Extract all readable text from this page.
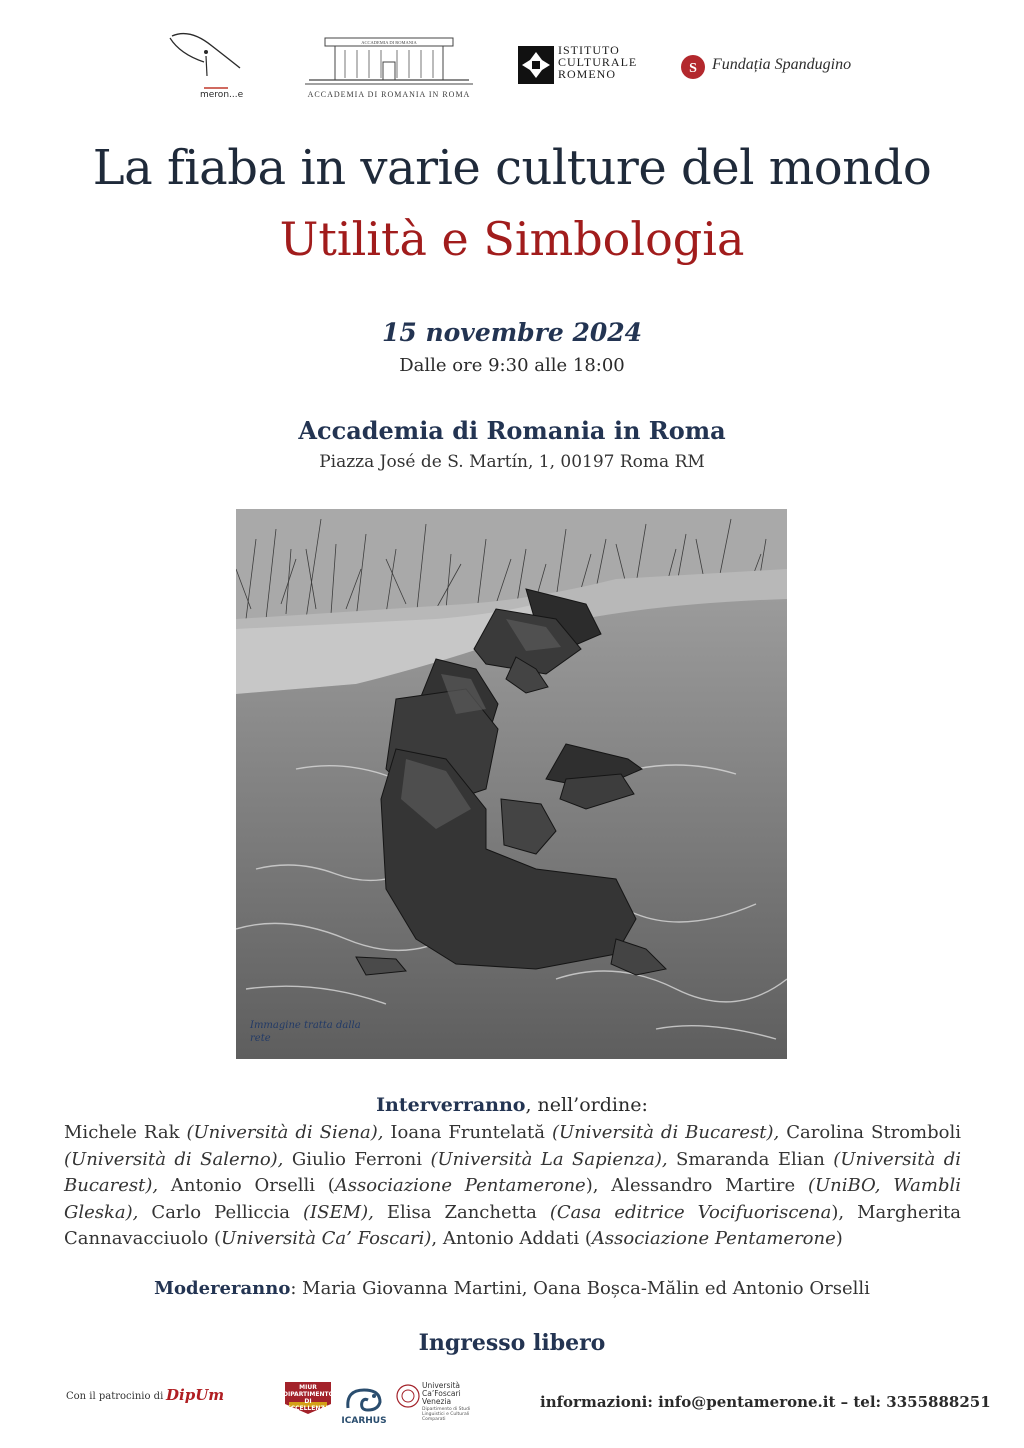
meron...e
ACCADEMIA DI ROMANIA
ACCADEMIA DI ROMANIA IN ROMA
ISTITUTO
CULTURALE
ROMENO	S Fundația Spandugino
La fiaba in varie culture del mondo
Utilità e Simbologia
15 novembre 2024
Dalle ore 9:30 alle 18:00
Accademia di Romania in Roma
Piazza José de S. Martín, 1, 00197 Roma RM
Immagine tratta dalla rete
Interverranno, nell’ordine:

Michele Rak (Università di Siena), Ioana Fruntelată (Università di Bucarest), Carolina Stromboli (Università di Salerno), Giulio Ferroni (Università La Sapienza), Smaranda Elian (Università di Bucarest), Antonio Orselli (Associazione Pentamerone), Alessandro Martire (UniBO, Wambli Gleska), Carlo Pelliccia (ISEM), Elisa Zanchetta (Casa editrice Vocifuoriscena), Margherita Cannavacciuolo (Università Ca’ Foscari), Antonio Addati (Associazione Pentamerone)

Modereranno: Maria Giovanna Martini, Oana Boșca-Mălin ed Antonio Orselli
Ingresso libero
Con il patrocinio di DipUm	MIUR DIPARTIMENTO DI ECCELLENZA
ICARHUS
Università Ca’Foscari Venezia
Dipartimento di Studi Linguistici e Culturali Comparati
informazioni: info@pentamerone.it – tel: 3355888251
